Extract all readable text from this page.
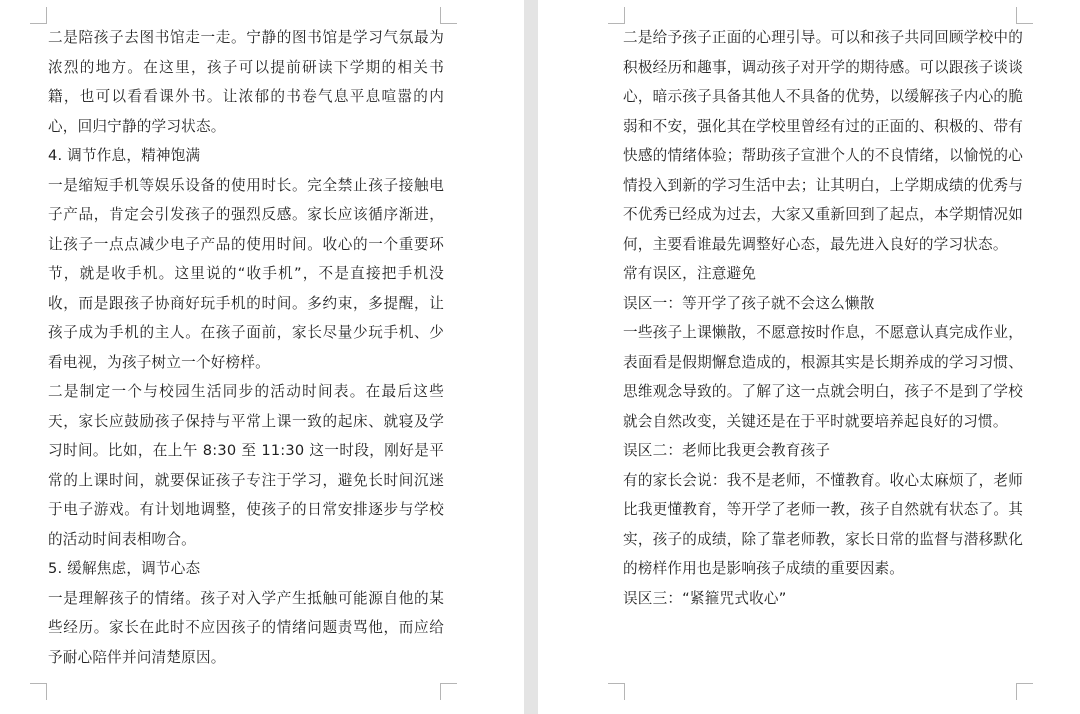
二是陪孩子去图书馆走一走。宁静的图书馆是学习气氛最为浓烈的地方。在这里，孩子可以提前研读下学期的相关书籍，也可以看看课外书。让浓郁的书卷气息平息喧嚣的内心，回归宁静的学习状态。

4. 调节作息，精神饱满

一是缩短手机等娱乐设备的使用时长。完全禁止孩子接触电子产品，肯定会引发孩子的强烈反感。家长应该循序渐进，让孩子一点点减少电子产品的使用时间。收心的一个重要环节，就是收手机。这里说的“收手机”，不是直接把手机没收，而是跟孩子协商好玩手机的时间。多约束，多提醒，让孩子成为手机的主人。在孩子面前，家长尽量少玩手机、少看电视，为孩子树立一个好榜样。

二是制定一个与校园生活同步的活动时间表。在最后这些天，家长应鼓励孩子保持与平常上课一致的起床、就寝及学习时间。比如，在上午 8:30 至 11:30 这一时段，刚好是平常的上课时间，就要保证孩子专注于学习，避免长时间沉迷于电子游戏。有计划地调整，使孩子的日常安排逐步与学校的活动时间表相吻合。

5. 缓解焦虑，调节心态

一是理解孩子的情绪。孩子对入学产生抵触可能源自他的某些经历。家长在此时不应因孩子的情绪问题责骂他，而应给予耐心陪伴并问清楚原因。

二是给予孩子正面的心理引导。可以和孩子共同回顾学校中的积极经历和趣事，调动孩子对开学的期待感。可以跟孩子谈谈心，暗示孩子具备其他人不具备的优势，以缓解孩子内心的脆弱和不安，强化其在学校里曾经有过的正面的、积极的、带有快感的情绪体验；帮助孩子宣泄个人的不良情绪，以愉悦的心情投入到新的学习生活中去；让其明白，上学期成绩的优秀与不优秀已经成为过去，大家又重新回到了起点，本学期情况如何，主要看谁最先调整好心态，最先进入良好的学习状态。

常有误区，注意避免

误区一：等开学了孩子就不会这么懒散

一些孩子上课懒散，不愿意按时作息，不愿意认真完成作业，表面看是假期懈怠造成的，根源其实是长期养成的学习习惯、思维观念导致的。了解了这一点就会明白，孩子不是到了学校就会自然改变，关键还是在于平时就要培养起良好的习惯。

误区二：老师比我更会教育孩子

有的家长会说：我不是老师，不懂教育。收心太麻烦了，老师比我更懂教育，等开学了老师一教，孩子自然就有状态了。其实，孩子的成绩，除了靠老师教，家长日常的监督与潜移默化的榜样作用也是影响孩子成绩的重要因素。

误区三：“紧箍咒式收心”
